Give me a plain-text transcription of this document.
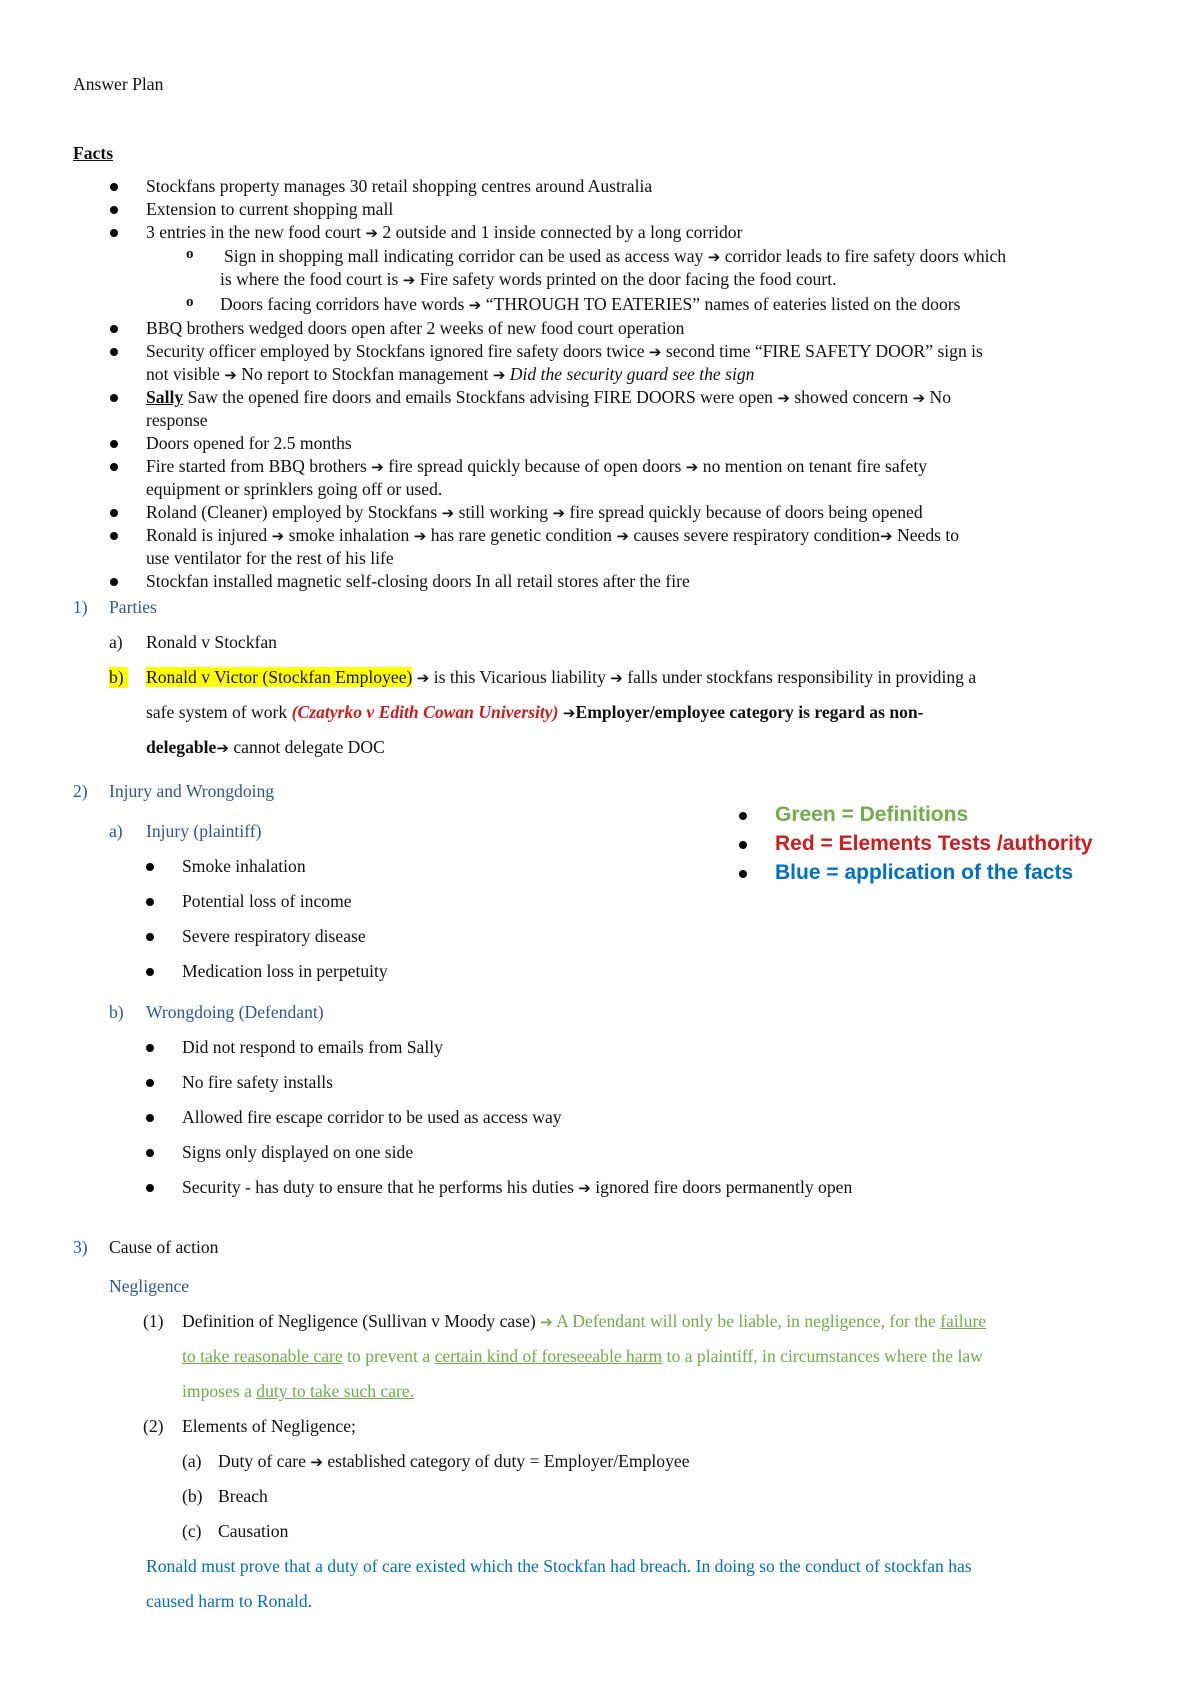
Answer Plan
Facts
Stockfans property manages 30 retail shopping centres around Australia
Extension to current shopping mall
3 entries in the new food court ➔ 2 outside and 1 inside connected by a long corridor
o Sign in shopping mall indicating corridor can be used as access way ➔ corridor leads to fire safety doors which
is where the food court is ➔ Fire safety words printed on the door facing the food court.
o Doors facing corridors have words ➔ “THROUGH TO EATERIES” names of eateries listed on the doors
BBQ brothers wedged doors open after 2 weeks of new food court operation
Security officer employed by Stockfans ignored fire safety doors twice ➔ second time “FIRE SAFETY DOOR” sign is
not visible ➔ No report to Stockfan management ➔ Did the security guard see the sign
Sally Saw the opened fire doors and emails Stockfans advising FIRE DOORS were open ➔ showed concern ➔ No
response
Doors opened for 2.5 months
Fire started from BBQ brothers ➔ fire spread quickly because of open doors ➔ no mention on tenant fire safety
equipment or sprinklers going off or used.
Roland (Cleaner) employed by Stockfans ➔ still working ➔ fire spread quickly because of doors being opened
Ronald is injured ➔ smoke inhalation ➔ has rare genetic condition ➔ causes severe respiratory condition➔ Needs to
use ventilator for the rest of his life
Stockfan installed magnetic self-closing doors In all retail stores after the fire
1) Parties
a) Ronald v Stockfan
b) Ronald v Victor (Stockfan Employee) ➔ is this Vicarious liability ➔ falls under stockfans responsibility in providing a
safe system of work (Czatyrko v Edith Cowan University) ➔Employer/employee category is regard as non-
delegable➔ cannot delegate DOC
2) Injury and Wrongdoing
a) Injury (plaintiff)
Smoke inhalation
Potential loss of income
Severe respiratory disease
Medication loss in perpetuity
b) Wrongdoing (Defendant)
Did not respond to emails from Sally
No fire safety installs
Allowed fire escape corridor to be used as access way
Signs only displayed on one side
Security - has duty to ensure that he performs his duties ➔ ignored fire doors permanently open
Green = Definitions
Red = Elements Tests /authority
Blue = application of the facts
3) Cause of action
Negligence
(1) Definition of Negligence (Sullivan v Moody case) ➔ A Defendant will only be liable, in negligence, for the failure
to take reasonable care to prevent a certain kind of foreseeable harm to a plaintiff, in circumstances where the law
imposes a duty to take such care.
(2) Elements of Negligence;
(a) Duty of care ➔ established category of duty = Employer/Employee
(b) Breach
(c) Causation
Ronald must prove that a duty of care existed which the Stockfan had breach. In doing so the conduct of stockfan has
caused harm to Ronald.
